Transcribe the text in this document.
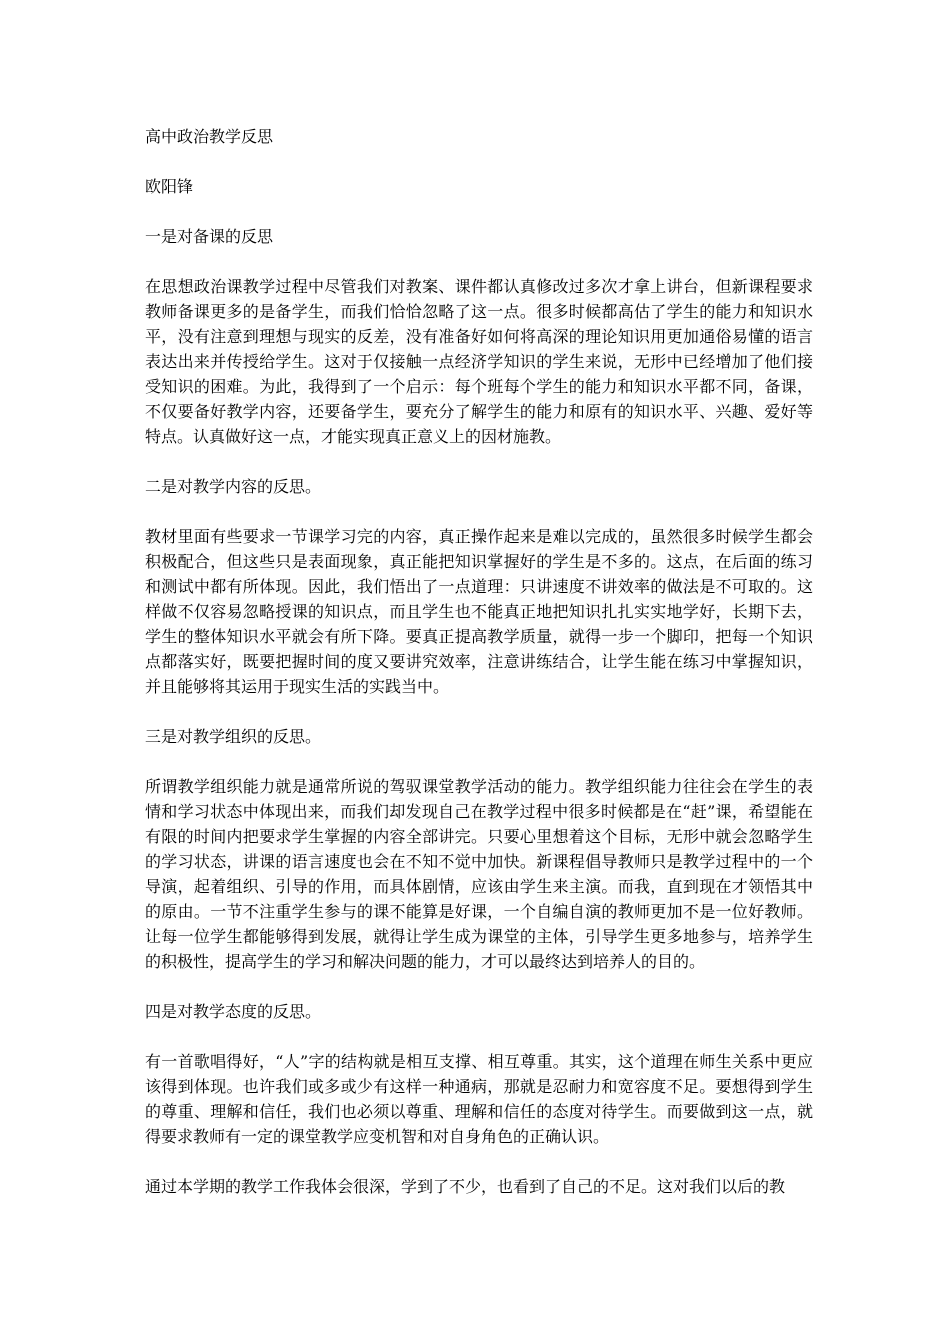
高中政治教学反思

欧阳锋

一是对备课的反思

在思想政治课教学过程中尽管我们对教案、课件都认真修改过多次才拿上讲台，但新课程要求教师备课更多的是备学生，而我们恰恰忽略了这一点。很多时候都高估了学生的能力和知识水平，没有注意到理想与现实的反差，没有准备好如何将高深的理论知识用更加通俗易懂的语言表达出来并传授给学生。这对于仅接触一点经济学知识的学生来说，无形中已经增加了他们接受知识的困难。为此，我得到了一个启示：每个班每个学生的能力和知识水平都不同，备课，不仅要备好教学内容，还要备学生，要充分了解学生的能力和原有的知识水平、兴趣、爱好等特点。认真做好这一点，才能实现真正意义上的因材施教。

二是对教学内容的反思。

教材里面有些要求一节课学习完的内容，真正操作起来是难以完成的，虽然很多时候学生都会积极配合，但这些只是表面现象，真正能把知识掌握好的学生是不多的。这点，在后面的练习和测试中都有所体现。因此，我们悟出了一点道理：只讲速度不讲效率的做法是不可取的。这样做不仅容易忽略授课的知识点，而且学生也不能真正地把知识扎扎实实地学好，长期下去，学生的整体知识水平就会有所下降。要真正提高教学质量，就得一步一个脚印，把每一个知识点都落实好，既要把握时间的度又要讲究效率，注意讲练结合，让学生能在练习中掌握知识，并且能够将其运用于现实生活的实践当中。

三是对教学组织的反思。

所谓教学组织能力就是通常所说的驾驭课堂教学活动的能力。教学组织能力往往会在学生的表情和学习状态中体现出来，而我们却发现自己在教学过程中很多时候都是在“赶”课，希望能在有限的时间内把要求学生掌握的内容全部讲完。只要心里想着这个目标，无形中就会忽略学生的学习状态，讲课的语言速度也会在不知不觉中加快。新课程倡导教师只是教学过程中的一个导演，起着组织、引导的作用，而具体剧情，应该由学生来主演。而我，直到现在才领悟其中的原由。一节不注重学生参与的课不能算是好课，一个自编自演的教师更加不是一位好教师。让每一位学生都能够得到发展，就得让学生成为课堂的主体，引导学生更多地参与，培养学生的积极性，提高学生的学习和解决问题的能力，才可以最终达到培养人的目的。

四是对教学态度的反思。

有一首歌唱得好，“人”字的结构就是相互支撑、相互尊重。其实，这个道理在师生关系中更应该得到体现。也许我们或多或少有这样一种通病，那就是忍耐力和宽容度不足。要想得到学生的尊重、理解和信任，我们也必须以尊重、理解和信任的态度对待学生。而要做到这一点，就得要求教师有一定的课堂教学应变机智和对自身角色的正确认识。

通过本学期的教学工作我体会很深，学到了不少，也看到了自己的不足。这对我们以后的教
